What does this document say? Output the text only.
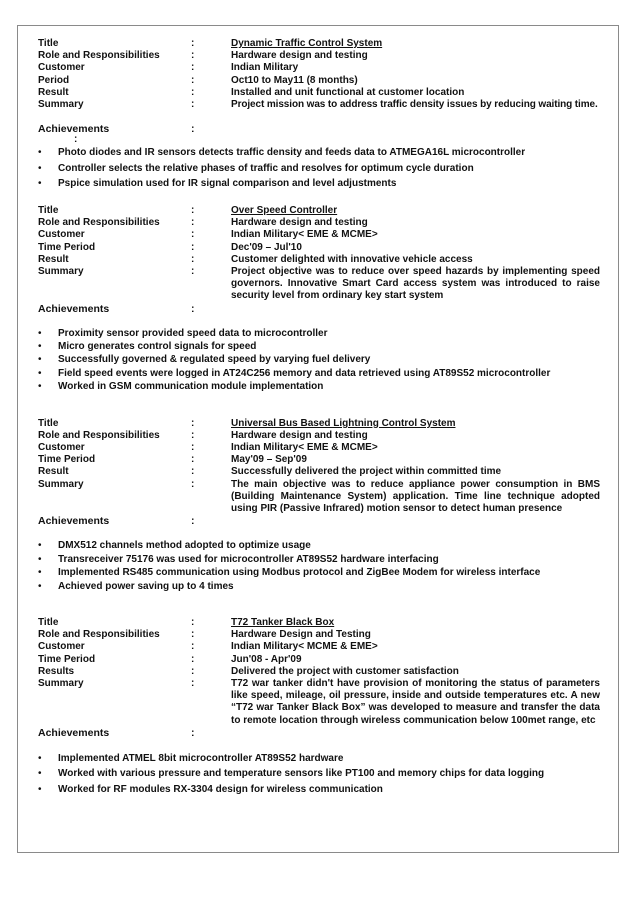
Title	:	Dynamic Traffic Control System
Role and Responsibilities	:	Hardware design and testing
Customer	:	Indian Military
Period	:	Oct10 to May11 (8 months)
Result	:	Installed and unit functional at customer location
Summary	:	Project mission was to address traffic density issues by reducing waiting time.
Achievements	:
:
• Photo diodes and IR sensors detects traffic density and feeds data to ATMEGA16L microcontroller
• Controller selects the relative phases of traffic and resolves for optimum cycle duration
• Pspice simulation used for IR signal comparison and level adjustments
Title	:	Over Speed Controller
Role and Responsibilities	:	Hardware design and testing
Customer	:	Indian Military< EME & MCME>
Time Period	:	Dec'09 – Jul'10
Result	:	Customer delighted with innovative vehicle access
Summary	:	Project objective was to reduce over speed hazards by implementing speed governors. Innovative Smart Card access system was introduced to raise security level from ordinary key start system
Achievements	:
• Proximity sensor provided speed data to microcontroller
• Micro generates control signals for speed
• Successfully governed & regulated speed by varying fuel delivery
• Field speed events were logged in AT24C256 memory and data retrieved using AT89S52 microcontroller
• Worked in GSM communication module implementation
Title	:	Universal Bus Based Lightning Control System
Role and Responsibilities	:	Hardware design and testing
Customer	:	Indian Military< EME & MCME>
Time Period	:	May'09 – Sep'09
Result	:	Successfully delivered the project within committed time
Summary	:	The main objective was to reduce appliance power consumption in BMS (Building Maintenance System) application. Time line technique adopted using PIR (Passive Infrared) motion sensor to detect human presence
Achievements	:
• DMX512 channels method adopted to optimize usage
• Transreceiver 75176 was used for microcontroller AT89S52 hardware interfacing
• Implemented RS485 communication using Modbus protocol and ZigBee Modem for wireless interface
• Achieved power saving up to 4 times
Title	:	T72 Tanker Black Box
Role and Responsibilities	:	Hardware Design and Testing
Customer	:	Indian Military< MCME & EME>
Time Period	:	Jun'08 - Apr'09
Results	:	Delivered the project with customer satisfaction
Summary	:	T72 war tanker didn't have provision of monitoring the status of parameters like speed, mileage, oil pressure, inside and outside temperatures etc. A new “T72 war Tanker Black Box” was developed to measure and transfer the data to remote location through wireless communication below 100met range, etc
Achievements	:
• Implemented ATMEL 8bit microcontroller AT89S52 hardware
• Worked with various pressure and temperature sensors like PT100 and memory chips for data logging
• Worked for RF modules RX-3304 design for wireless communication
